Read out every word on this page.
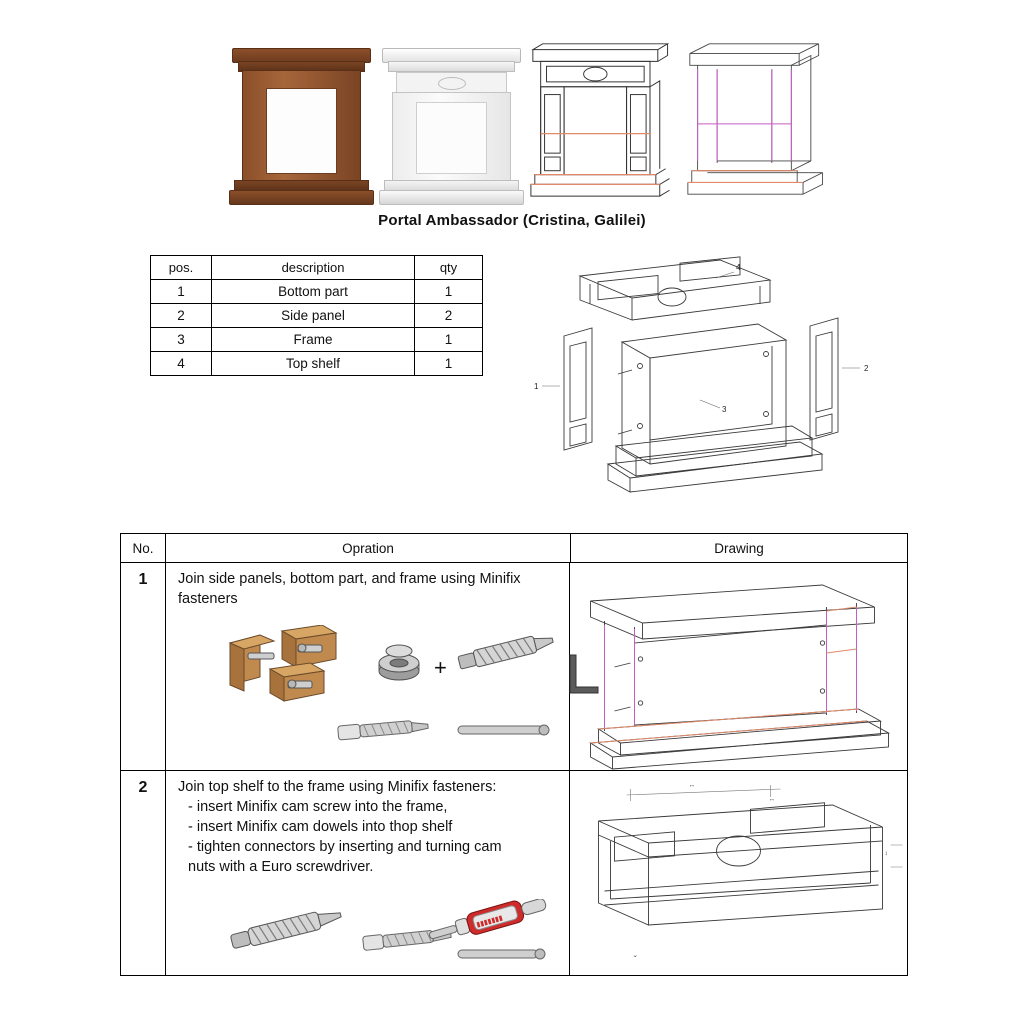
Portal Ambassador (Cristina, Galilei)
pos.	description	qty
1	Bottom part	1
2	Side panel	2
3	Frame	1
4	Top shelf	1
1
2
3
4
No.	Opration	Drawing
1	Join side panels, bottom part, and frame using Minifix fasteners
+
2	Join top shelf to the frame using Minifix fasteners:

- insert Minifix cam screw into the frame,
- insert Minifix cam dowels into thop shelf
- tighten connectors by inserting and turning cam
nuts with a Euro screwdriver.
▮▮▮▮▮▮▮
↔
↔
↕
⌄
